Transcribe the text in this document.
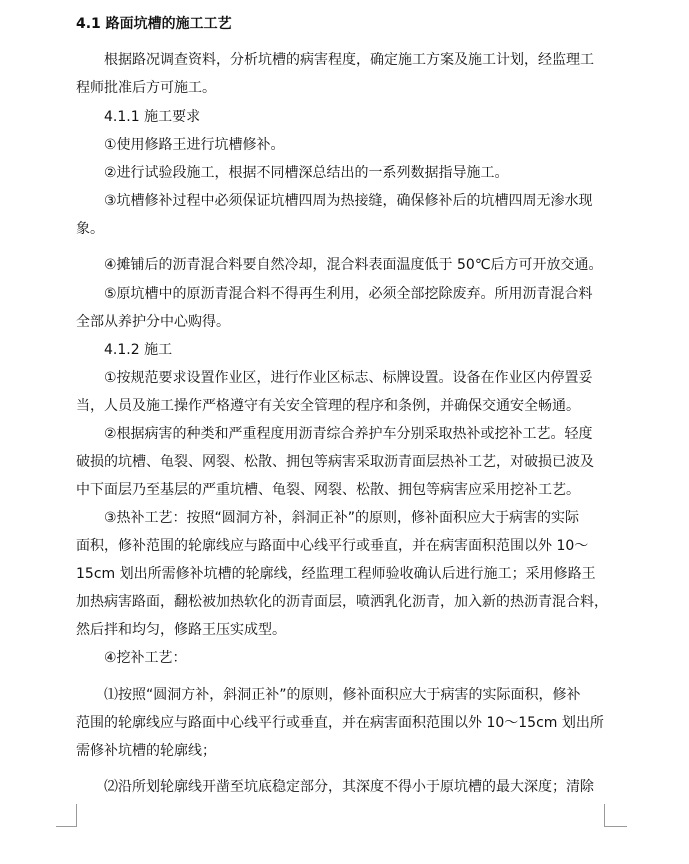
4.1 路面坑槽的施工工艺
根据路况调查资料，分析坑槽的病害程度，确定施工方案及施工计划，经监理工
程师批准后方可施工。
4.1.1 施工要求
①使用修路王进行坑槽修补。
②进行试验段施工，根据不同槽深总结出的一系列数据指导施工。
③坑槽修补过程中必须保证坑槽四周为热接缝，确保修补后的坑槽四周无渗水现
象。
④摊铺后的沥青混合料要自然冷却，混合料表面温度低于 50℃后方可开放交通。
⑤原坑槽中的原沥青混合料不得再生利用，必须全部挖除废弃。所用沥青混合料
全部从养护分中心购得。
4.1.2 施工
①按规范要求设置作业区，进行作业区标志、标牌设置。设备在作业区内停置妥
当，人员及施工操作严格遵守有关安全管理的程序和条例，并确保交通安全畅通。
②根据病害的种类和严重程度用沥青综合养护车分别采取热补或挖补工艺。轻度
破损的坑槽、龟裂、网裂、松散、拥包等病害采取沥青面层热补工艺，对破损已波及
中下面层乃至基层的严重坑槽、龟裂、网裂、松散、拥包等病害应采用挖补工艺。
③热补工艺：按照“圆洞方补，斜洞正补”的原则，修补面积应大于病害的实际
面积，修补范围的轮廓线应与路面中心线平行或垂直，并在病害面积范围以外 10～
15cm 划出所需修补坑槽的轮廓线，经监理工程师验收确认后进行施工；采用修路王
加热病害路面，翻松被加热软化的沥青面层，喷洒乳化沥青，加入新的热沥青混合料，
然后拌和均匀，修路王压实成型。
④挖补工艺：
⑴按照“圆洞方补，斜洞正补”的原则，修补面积应大于病害的实际面积，修补
范围的轮廓线应与路面中心线平行或垂直，并在病害面积范围以外 10～15cm 划出所
需修补坑槽的轮廓线；
⑵沿所划轮廓线开凿至坑底稳定部分，其深度不得小于原坑槽的最大深度；清除
